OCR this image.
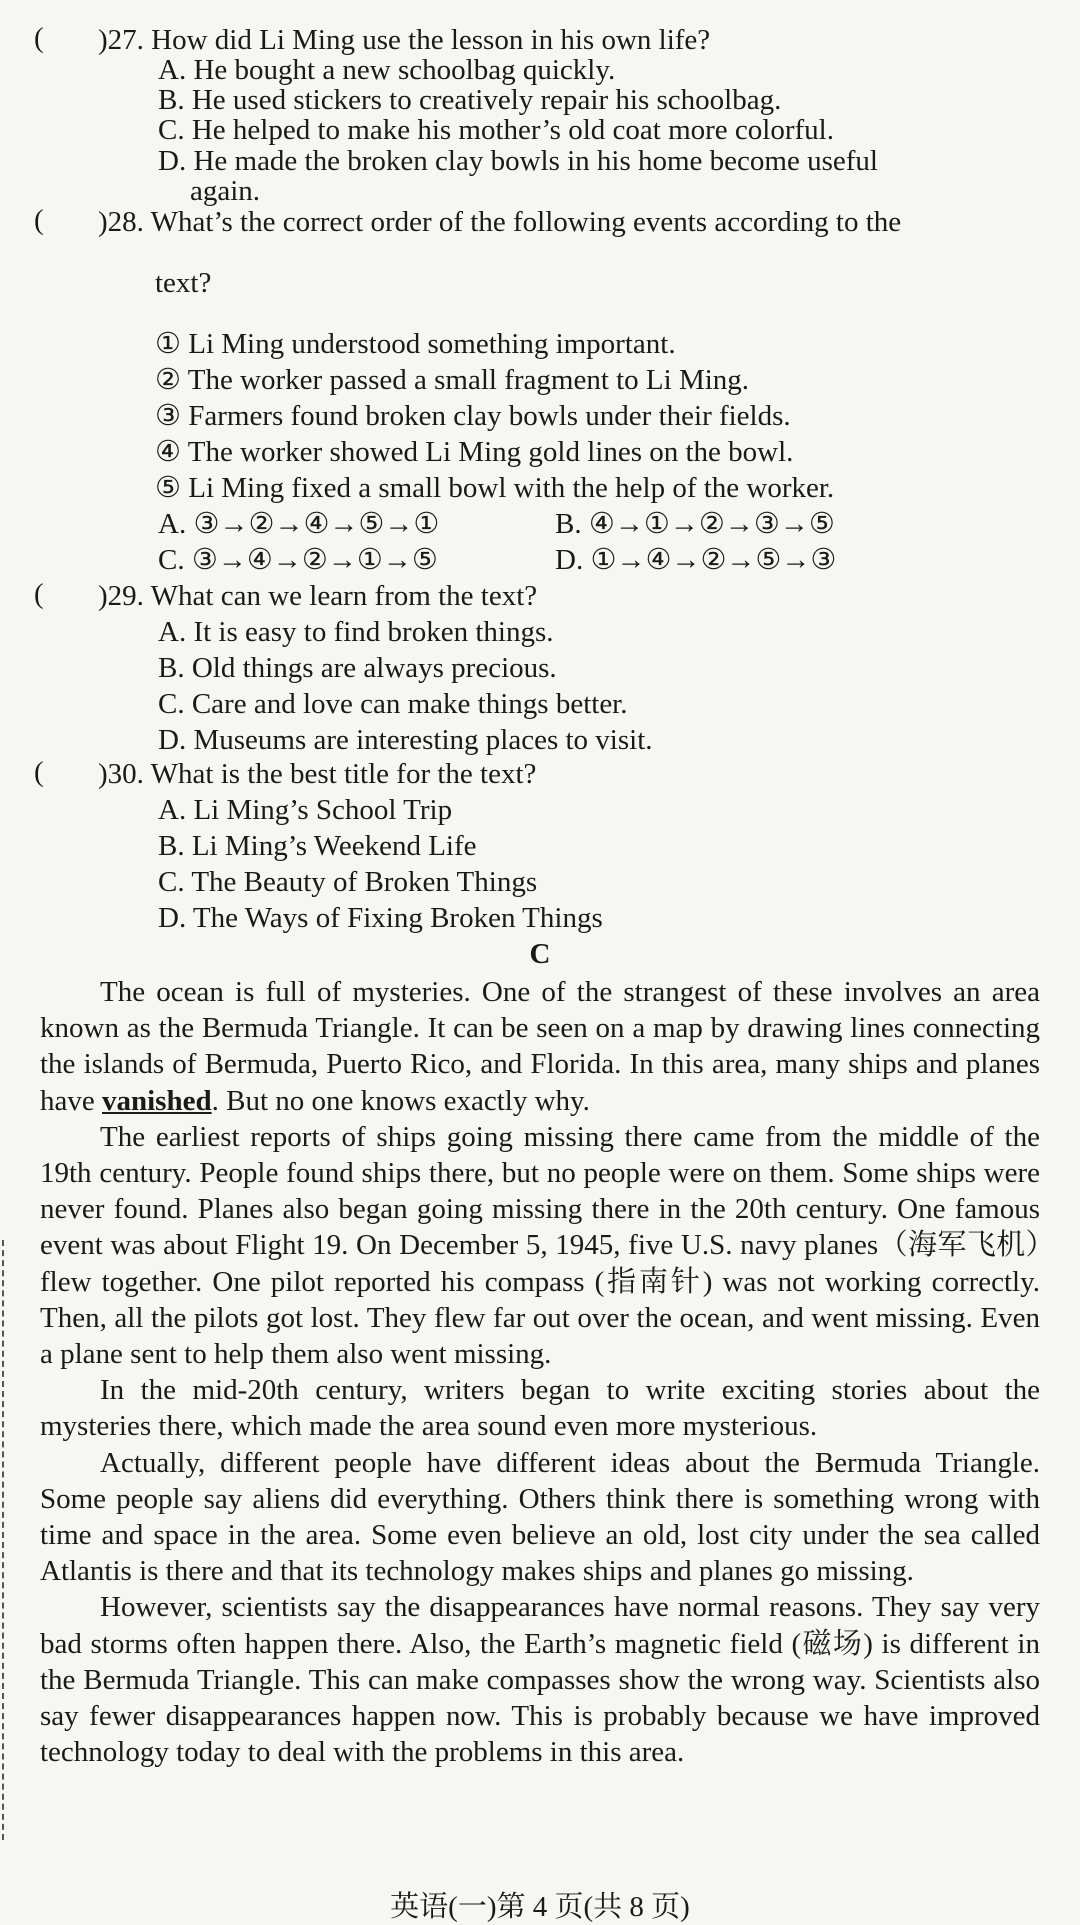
( )27. How did Li Ming use the lesson in his own life?
A. He bought a new schoolbag quickly.
B. He used stickers to creatively repair his schoolbag.
C. He helped to make his mother’s old coat more colorful.
D. He made the broken clay bowls in his home become useful
again.
( )28. What’s the correct order of the following events according to the
text?
① Li Ming understood something important.
② The worker passed a small fragment to Li Ming.
③ Farmers found broken clay bowls under their fields.
④ The worker showed Li Ming gold lines on the bowl.
⑤ Li Ming fixed a small bowl with the help of the worker.
A. ③→②→④→⑤→①	B. ④→①→②→③→⑤
C. ③→④→②→①→⑤	D. ①→④→②→⑤→③
( )29. What can we learn from the text?
A. It is easy to find broken things.
B. Old things are always precious.
C. Care and love can make things better.
D. Museums are interesting places to visit.
( )30. What is the best title for the text?
A. Li Ming’s School Trip
B. Li Ming’s Weekend Life
C. The Beauty of Broken Things
D. The Ways of Fixing Broken Things
C

The ocean is full of mysteries. One of the strangest of these involves an area known as the Bermuda Triangle. It can be seen on a map by drawing lines connecting the islands of Bermuda, Puerto Rico, and Florida. In this area, many ships and planes have vanished. But no one knows exactly why.

The earliest reports of ships going missing there came from the middle of the 19th century. People found ships there, but no people were on them. Some ships were never found. Planes also began going missing there in the 20th century. One famous event was about Flight 19. On December 5, 1945, five U.S. navy planes（海军飞机）flew together. One pilot reported his compass (指南针) was not working correctly. Then, all the pilots got lost. They flew far out over the ocean, and went missing. Even a plane sent to help them also went missing.

In the mid-20th century, writers began to write exciting stories about the mysteries there, which made the area sound even more mysterious.

Actually, different people have different ideas about the Bermuda Triangle. Some people say aliens did everything. Others think there is something wrong with time and space in the area. Some even believe an old, lost city under the sea called Atlantis is there and that its technology makes ships and planes go missing.

However, scientists say the disappearances have normal reasons. They say very bad storms often happen there. Also, the Earth’s magnetic field (磁场) is different in the Bermuda Triangle. This can make compasses show the wrong way. Scientists also say fewer disappearances happen now. This is probably because we have improved technology today to deal with the problems in this area.

英语(一)第 4 页(共 8 页)
